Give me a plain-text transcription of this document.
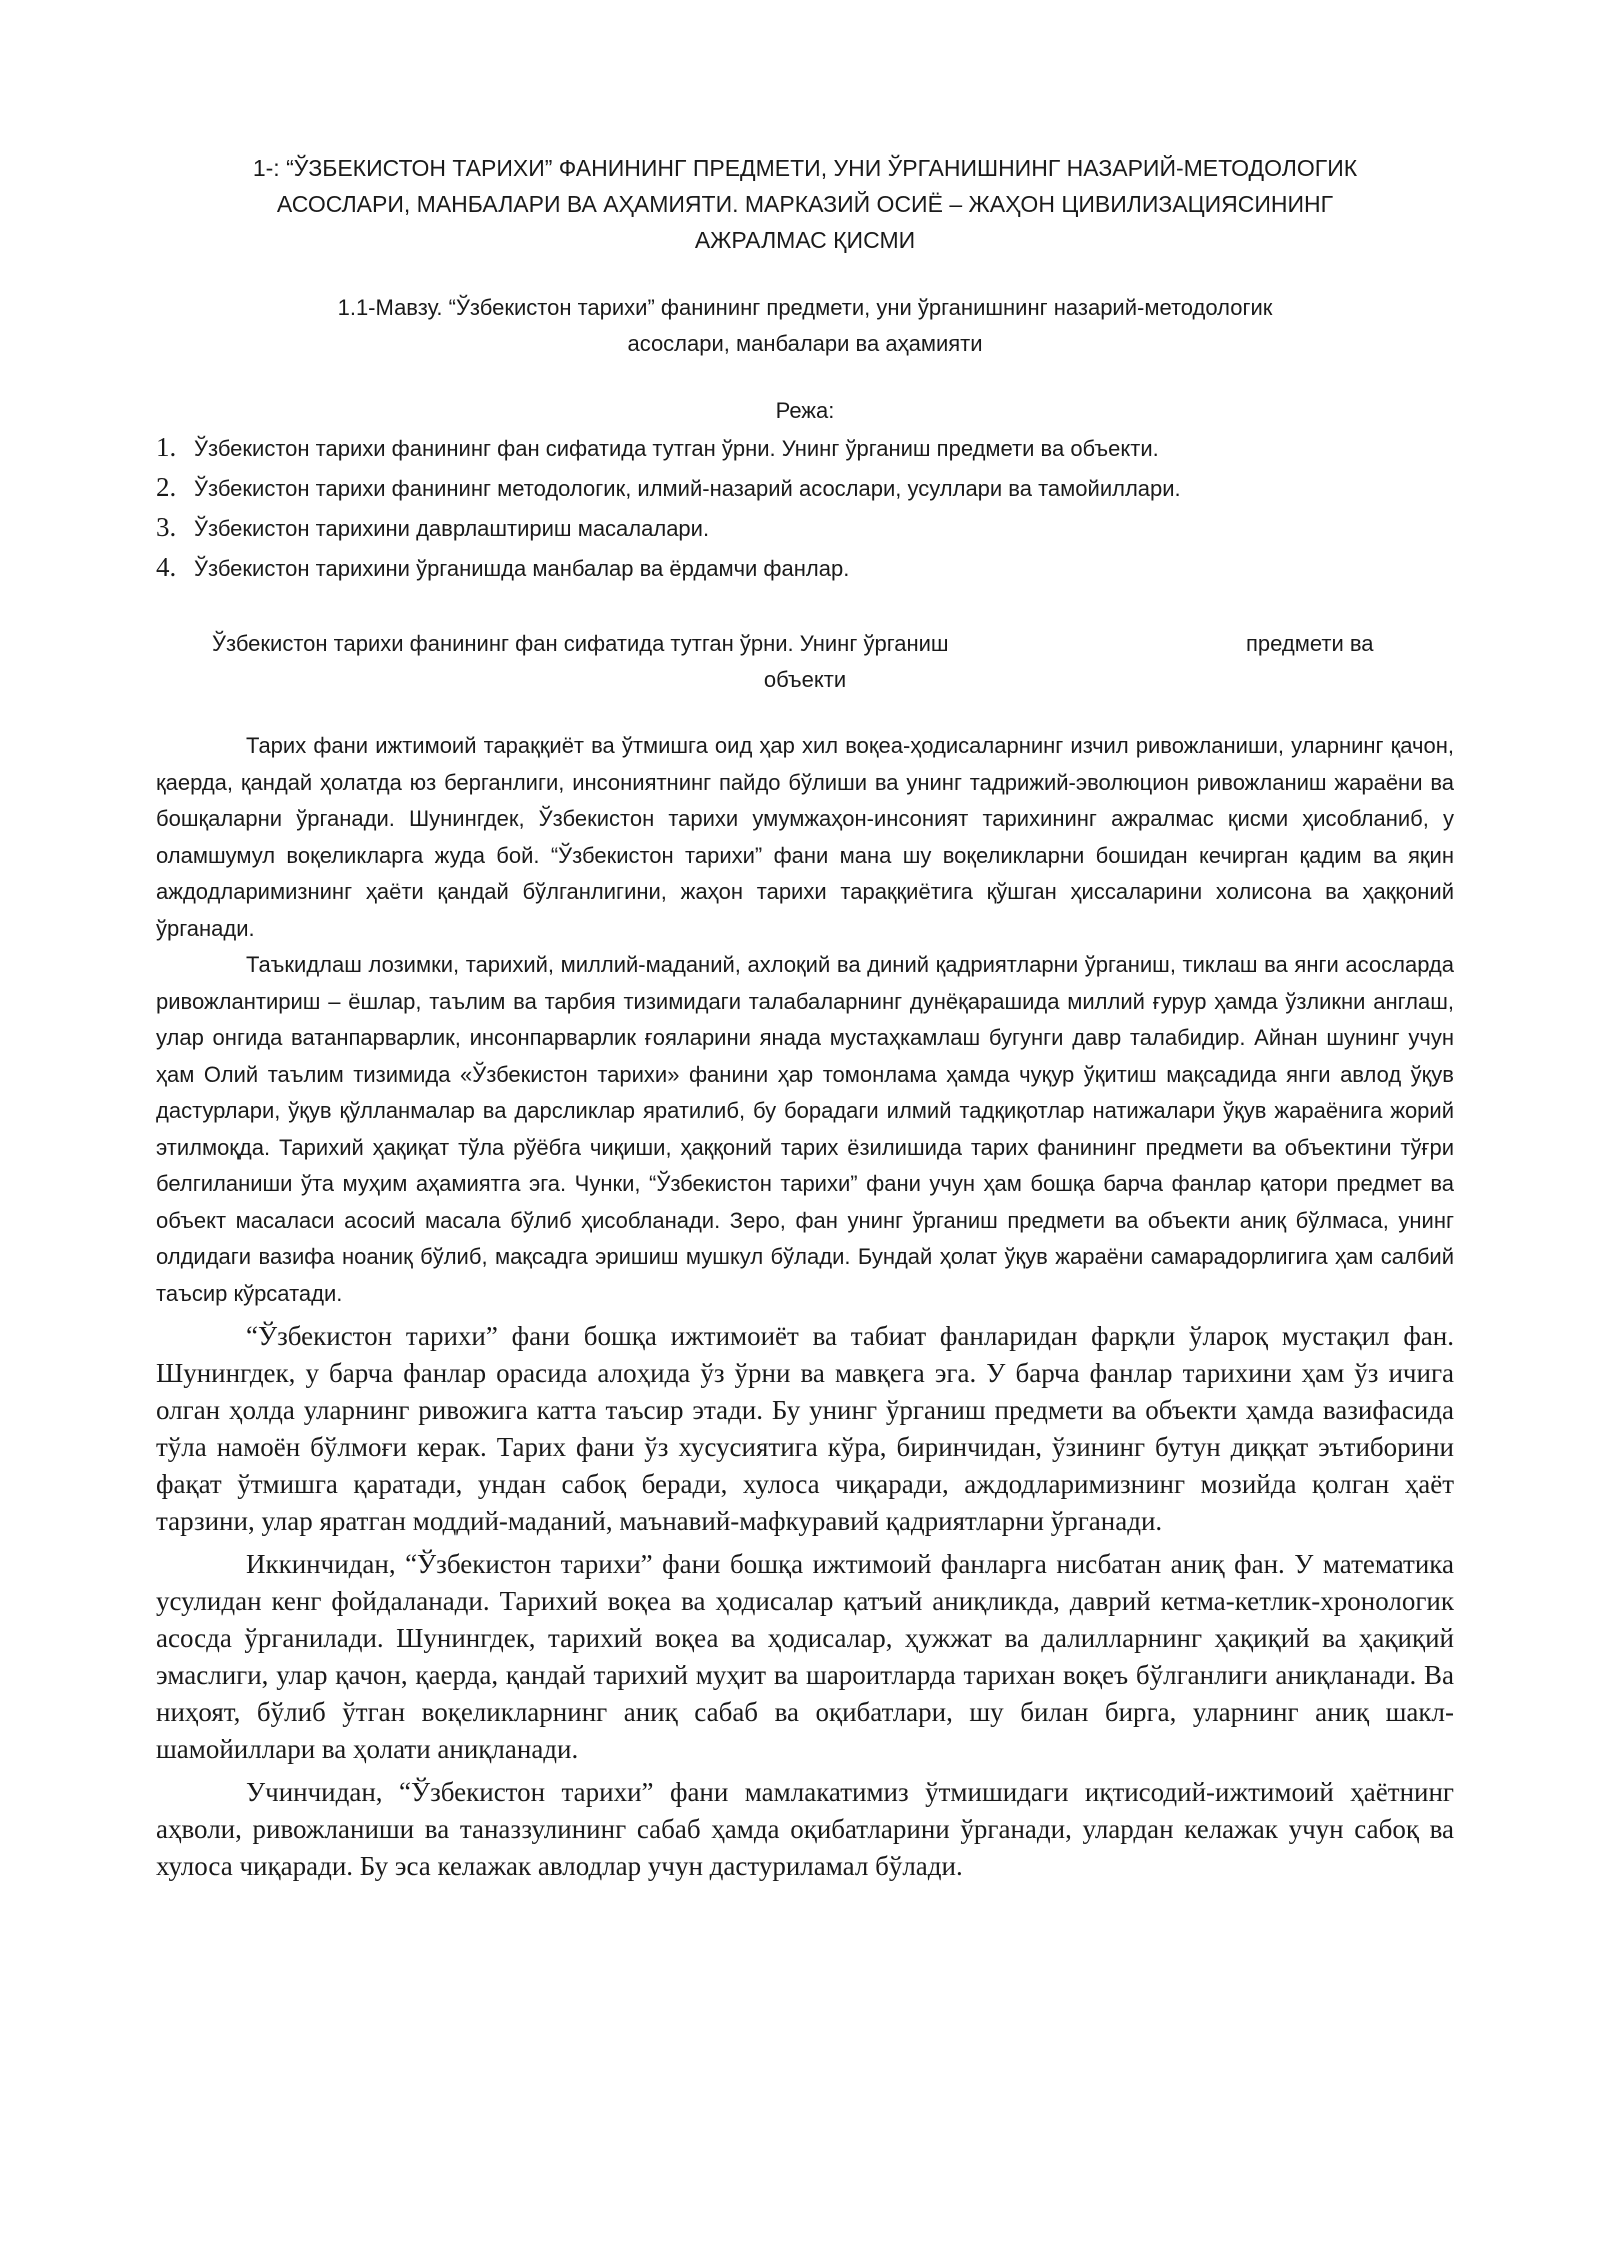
1-: “ЎЗБЕКИСТОН ТАРИХИ” ФАНИНИНГ ПРЕДМЕТИ, УНИ ЎРГАНИШНИНГ НАЗАРИЙ-МЕТОДОЛОГИК
АСОСЛАРИ, МАНБАЛАРИ ВА АҲАМИЯТИ. МАРКАЗИЙ ОСИЁ – ЖАҲОН ЦИВИЛИЗАЦИЯСИНИНГ
АЖРАЛМАС ҚИСМИ
1.1-Мавзу. “Ўзбекистон тарихи” фанининг предмети, уни ўрганишнинг назарий-методологик
асослари, манбалари ва аҳамияти
Режа:
1. Ўзбекистон тарихи фанининг фан сифатида тутган ўрни. Унинг ўрганиш предмети ва объекти.
2. Ўзбекистон тарихи фанининг методологик, илмий-назарий асослари, усуллари ва тамойиллари.
3. Ўзбекистон тарихини даврлаштириш масалалари.
4. Ўзбекистон тарихини ўрганишда манбалар ва ёрдамчи фанлар.
Ўзбекистон тарихи фанининг фан сифатида тутган ўрни. Унинг ўрганиш	предмети ва
объекти

Тарих фани ижтимоий тараққиёт ва ўтмишга оид ҳар хил воқеа-ҳодисаларнинг изчил ривожланиши, уларнинг қачон, қаерда, қандай ҳолатда юз берганлиги, инсониятнинг пайдо бўлиши ва унинг тадрижий-эволюцион ривожланиш жараёни ва бошқаларни ўрганади. Шунингдек, Ўзбекистон тарихи умумжаҳон-инсоният тарихининг ажралмас қисми ҳисобланиб, у оламшумул воқеликларга жуда бой. “Ўзбекистон тарихи” фани мана шу воқеликларни бошидан кечирган қадим ва яқин аждодларимизнинг ҳаёти қандай бўлганлигини, жаҳон тарихи тараққиётига қўшган ҳиссаларини холисона ва ҳаққоний ўрганади.

Таъкидлаш лозимки, тарихий, миллий-маданий, ахлоқий ва диний қадриятларни ўрганиш, тиклаш ва янги асосларда ривожлантириш – ёшлар, таълим ва тарбия тизимидаги талабаларнинг дунёқарашида миллий ғурур ҳамда ўзликни англаш, улар онгида ватанпарварлик, инсонпарварлик ғояларини янада мустаҳкамлаш бугунги давр талабидир. Айнан шунинг учун ҳам Олий таълим тизимида «Ўзбекистон тарихи» фанини ҳар томонлама ҳамда чуқур ўқитиш мақсадида янги авлод ўқув дастурлари, ўқув қўлланмалар ва дарсликлар яратилиб, бу борадаги илмий тадқиқотлар натижалари ўқув жараёнига жорий этилмоқда. Тарихий ҳақиқат тўла рўёбга чиқиши, ҳаққоний тарих ёзилишида тарих фанининг предмети ва объектини тўғри белгиланиши ўта муҳим аҳамиятга эга. Чунки, “Ўзбекистон тарихи” фани учун ҳам бошқа барча фанлар қатори предмет ва объект масаласи асосий масала бўлиб ҳисобланади. Зеро, фан унинг ўрганиш предмети ва объекти аниқ бўлмаса, унинг олдидаги вазифа ноаниқ бўлиб, мақсадга эришиш мушкул бўлади. Бундай ҳолат ўқув жараёни самарадорлигига ҳам салбий таъсир кўрсатади.

“Ўзбекистон тарихи” фани бошқа ижтимоиёт ва табиат фанларидан фарқли ўлароқ мустақил фан. Шунингдек, у барча фанлар орасида алоҳида ўз ўрни ва мавқега эга. У барча фанлар тарихини ҳам ўз ичига олган ҳолда уларнинг ривожига катта таъсир этади. Бу унинг ўрганиш предмети ва объекти ҳамда вазифасида тўла намоён бўлмоғи керак. Тарих фани ўз хусусиятига кўра, биринчидан, ўзининг бутун диққат эътиборини фақат ўтмишга қаратади, ундан сабоқ беради, хулоса чиқаради, аждодларимизнинг мозийда қолган ҳаёт тарзини, улар яратган моддий-маданий, маънавий-мафкуравий қадриятларни ўрганади.

Иккинчидан, “Ўзбекистон тарихи” фани бошқа ижтимоий фанларга нисбатан аниқ фан. У математика усулидан кенг фойдаланади. Тарихий воқеа ва ҳодисалар қатъий аниқликда, даврий кетма-кетлик-хронологик асосда ўрганилади. Шунингдек, тарихий воқеа ва ҳодисалар, ҳужжат ва далилларнинг ҳақиқий ва ҳақиқий эмаслиги, улар қачон, қаерда, қандай тарихий муҳит ва шароитларда тарихан воқеъ бўлганлиги аниқланади. Ва ниҳоят, бўлиб ўтган воқеликларнинг аниқ сабаб ва оқибатлари, шу билан бирга, уларнинг аниқ шакл-шамойиллари ва ҳолати аниқланади.

Учинчидан, “Ўзбекистон тарихи” фани мамлакатимиз ўтмишидаги иқтисодий-ижтимоий ҳаётнинг аҳволи, ривожланиши ва таназзулининг сабаб ҳамда оқибатларини ўрганади, улардан келажак учун сабоқ ва хулоса чиқаради. Бу эса келажак авлодлар учун дастуриламал бўлади.
